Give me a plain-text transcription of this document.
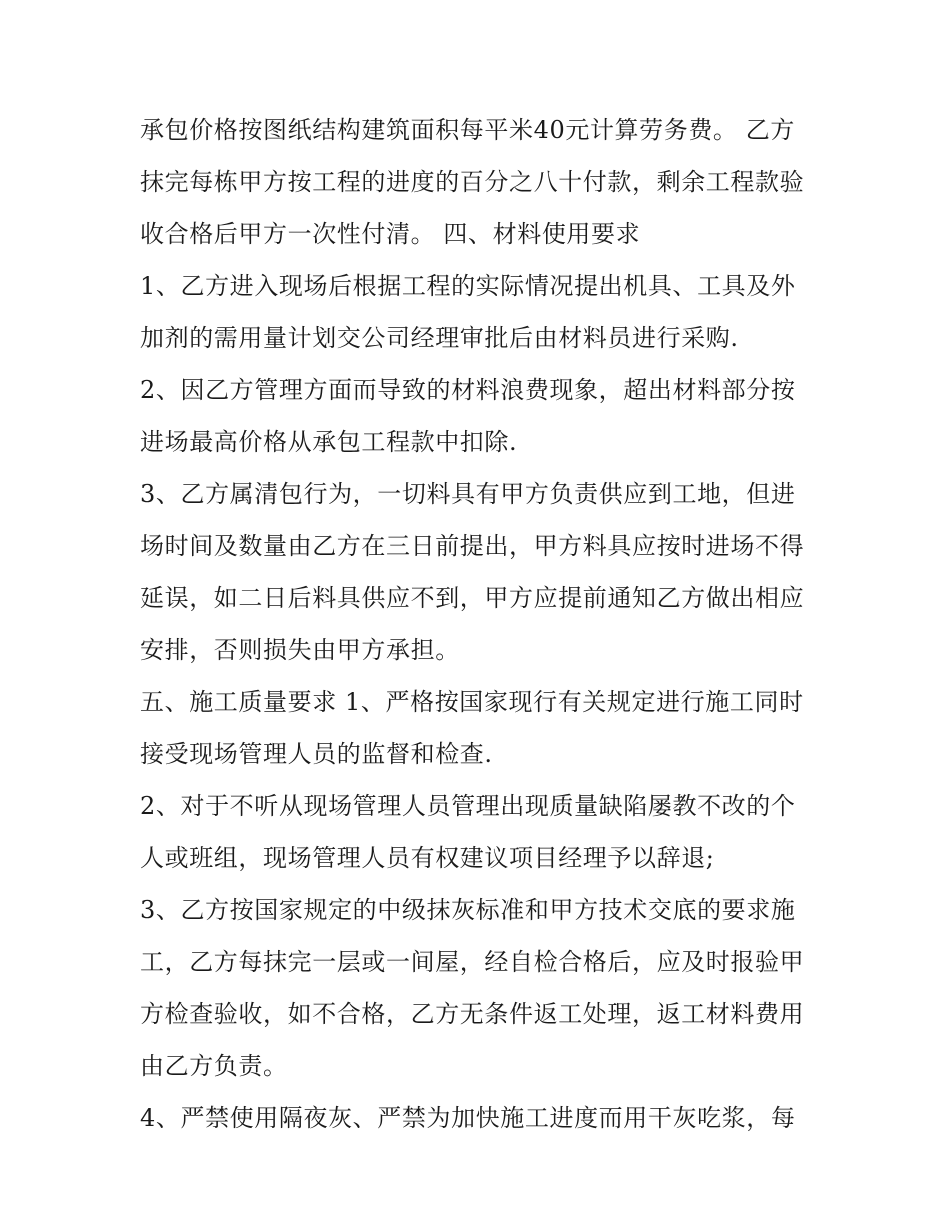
承包价格按图纸结构建筑面积每平米40元计算劳务费。 乙方
抹完每栋甲方按工程的进度的百分之八十付款，剩余工程款验
收合格后甲方一次性付清。 四、材料使用要求
1、乙方进入现场后根据工程的实际情况提出机具、工具及外
加剂的需用量计划交公司经理审批后由材料员进行采购.
2、因乙方管理方面而导致的材料浪费现象，超出材料部分按
进场最高价格从承包工程款中扣除.
3、乙方属清包行为，一切料具有甲方负责供应到工地，但进
场时间及数量由乙方在三日前提出，甲方料具应按时进场不得
延误，如二日后料具供应不到，甲方应提前通知乙方做出相应
安排，否则损失由甲方承担。
五、施工质量要求 1、严格按国家现行有关规定进行施工同时
接受现场管理人员的监督和检查.
2、对于不听从现场管理人员管理出现质量缺陷屡教不改的个
人或班组，现场管理人员有权建议项目经理予以辞退;
3、乙方按国家规定的中级抹灰标准和甲方技术交底的要求施
工，乙方每抹完一层或一间屋，经自检合格后，应及时报验甲
方检查验收，如不合格，乙方无条件返工处理，返工材料费用
由乙方负责。
4、严禁使用隔夜灰、严禁为加快施工进度而用干灰吃浆，每
